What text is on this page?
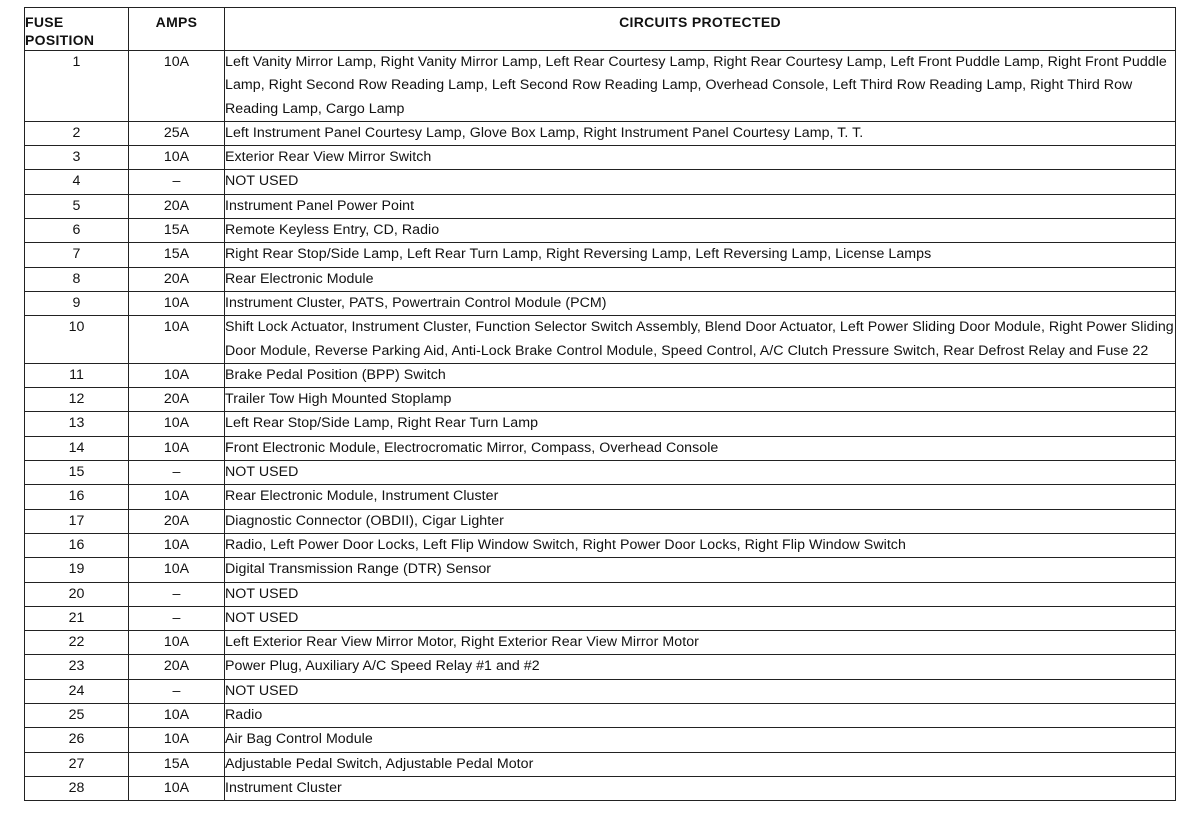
FUSE POSITION	AMPS	CIRCUITS PROTECTED
1	10A	Left Vanity Mirror Lamp, Right Vanity Mirror Lamp, Left Rear Courtesy Lamp, Right Rear Courtesy Lamp, Left Front Puddle Lamp, Right Front Puddle Lamp, Right Second Row Reading Lamp, Left Second Row Reading Lamp, Overhead Console, Left Third Row Reading Lamp, Right Third Row Reading Lamp, Cargo Lamp
2	25A	Left Instrument Panel Courtesy Lamp, Glove Box Lamp, Right Instrument Panel Courtesy Lamp, T. T.
3	10A	Exterior Rear View Mirror Switch
4	–	NOT USED
5	20A	Instrument Panel Power Point
6	15A	Remote Keyless Entry, CD, Radio
7	15A	Right Rear Stop/Side Lamp, Left Rear Turn Lamp, Right Reversing Lamp, Left Reversing Lamp, License Lamps
8	20A	Rear Electronic Module
9	10A	Instrument Cluster, PATS, Powertrain Control Module (PCM)
10	10A	Shift Lock Actuator, Instrument Cluster, Function Selector Switch Assembly, Blend Door Actuator, Left Power Sliding Door Module, Right Power Sliding Door Module, Reverse Parking Aid, Anti-Lock Brake Control Module, Speed Control, A/C Clutch Pressure Switch, Rear Defrost Relay and Fuse 22
11	10A	Brake Pedal Position (BPP) Switch
12	20A	Trailer Tow High Mounted Stoplamp
13	10A	Left Rear Stop/Side Lamp, Right Rear Turn Lamp
14	10A	Front Electronic Module, Electrocromatic Mirror, Compass, Overhead Console
15	–	NOT USED
16	10A	Rear Electronic Module, Instrument Cluster
17	20A	Diagnostic Connector (OBDII), Cigar Lighter
16	10A	Radio, Left Power Door Locks, Left Flip Window Switch, Right Power Door Locks, Right Flip Window Switch
19	10A	Digital Transmission Range (DTR) Sensor
20	–	NOT USED
21	–	NOT USED
22	10A	Left Exterior Rear View Mirror Motor, Right Exterior Rear View Mirror Motor
23	20A	Power Plug, Auxiliary A/C Speed Relay #1 and #2
24	–	NOT USED
25	10A	Radio
26	10A	Air Bag Control Module
27	15A	Adjustable Pedal Switch, Adjustable Pedal Motor
28	10A	Instrument Cluster
